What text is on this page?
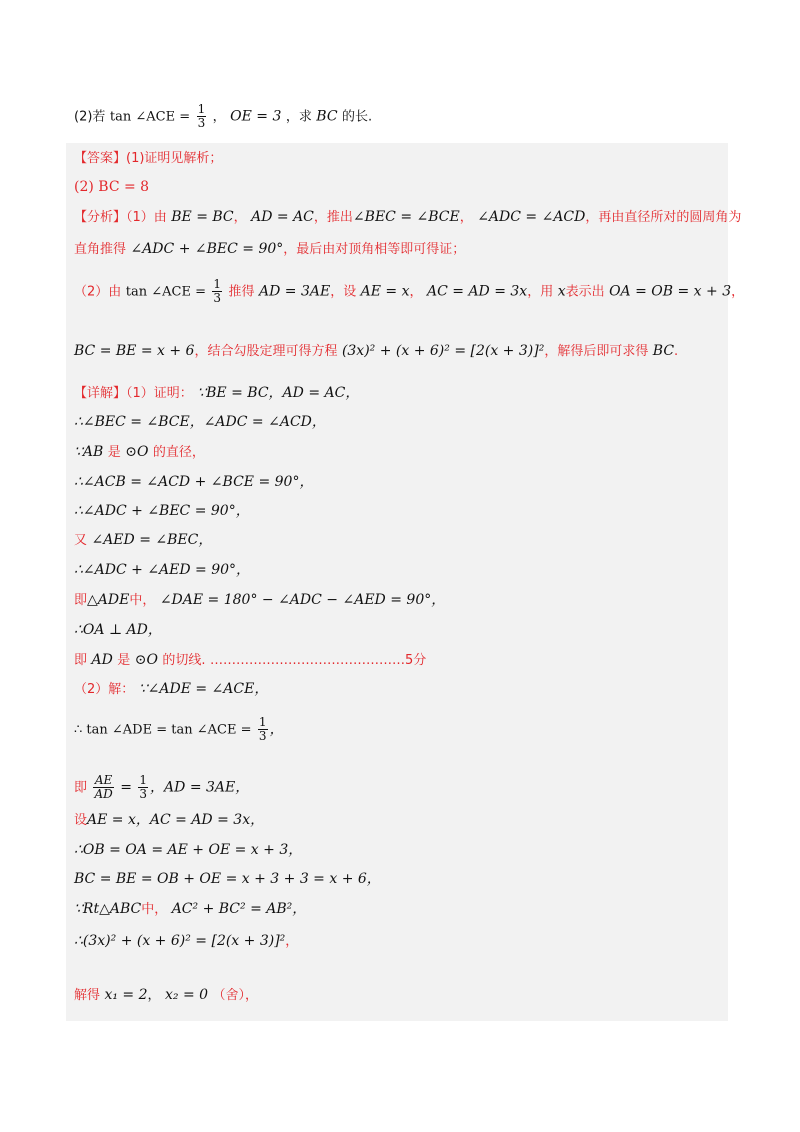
(2)若 tan ∠ACE = $\frac{1}{3}$ ， OE = 3 ，求 BC 的长.
【答案】(1)证明见解析；
(2) BC = 8
【分析】（1）由 BE = BC， AD = AC，推出∠BEC = ∠BCE， ∠ADC = ∠ACD，再由直径所对的圆周角为
直角推得 ∠ADC + ∠BEC = 90°，最后由对顶角相等即可得证；
（2）由 tan ∠ACE = $\frac{1}{3}$ 推得 AD = 3AE，设 AE = x， AC = AD = 3x，用 x表示出 OA = OB = x + 3，
BC = BE = x + 6，结合勾股定理可得方程 (3x)² + (x + 6)² = [2(x + 3)]²，解得后即可求得 BC.
【详解】（1）证明： ∵BE = BC，AD = AC，
∴∠BEC = ∠BCE，∠ADC = ∠ACD，
∵AB 是 ⊙O 的直径，
∴∠ACB = ∠ACD + ∠BCE = 90°，
∴∠ADC + ∠BEC = 90°，
又 ∠AED = ∠BEC，
∴∠ADC + ∠AED = 90°，
即△ADE中， ∠DAE = 180° − ∠ADC − ∠AED = 90°，
∴OA ⊥ AD，
即 AD 是 ⊙O 的切线. ………………………………………5分
（2）解： ∵∠ADE = ∠ACE，
∴ tan ∠ADE = tan ∠ACE = $\frac{1}{3}$ ，
即 $\frac{AE}{AD} = \frac{1}{3}$ ，AD = 3AE，
设AE = x，AC = AD = 3x，
∴OB = OA = AE + OE = x + 3，
BC = BE = OB + OE = x + 3 + 3 = x + 6，
∵Rt△ABC中， AC² + BC² = AB²，
∴(3x)² + (x + 6)² = [2(x + 3)]²，
解得 x₁ = 2， x₂ = 0 （舍），
